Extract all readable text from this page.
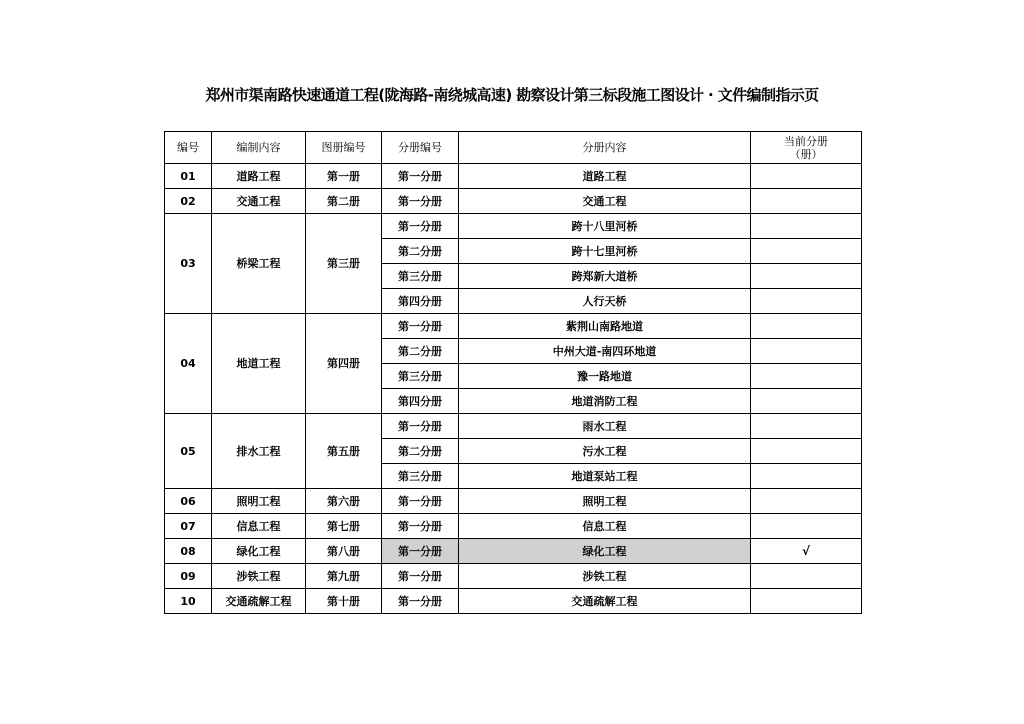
郑州市渠南路快速通道工程(陇海路-南绕城高速) 勘察设计第三标段施工图设计 · 文件编制指示页
编号	编制内容	图册编号	分册编号	分册内容	当前分册
（册）

01	道路工程	第一册	第一分册	道路工程	
02	交通工程	第二册	第一分册	交通工程	
03	桥梁工程	第三册	第一分册	跨十八里河桥	
			第二分册	跨十七里河桥	
			第三分册	跨郑新大道桥	
			第四分册	人行天桥	
04	地道工程	第四册	第一分册	紫荆山南路地道	
			第二分册	中州大道-南四环地道	
			第三分册	豫一路地道	
			第四分册	地道消防工程	
05	排水工程	第五册	第一分册	雨水工程	
			第二分册	污水工程	
			第三分册	地道泵站工程	
06	照明工程	第六册	第一分册	照明工程	
07	信息工程	第七册	第一分册	信息工程	
08	绿化工程	第八册	第一分册	绿化工程	√
09	涉铁工程	第九册	第一分册	涉铁工程	
10	交通疏解工程	第十册	第一分册	交通疏解工程	
